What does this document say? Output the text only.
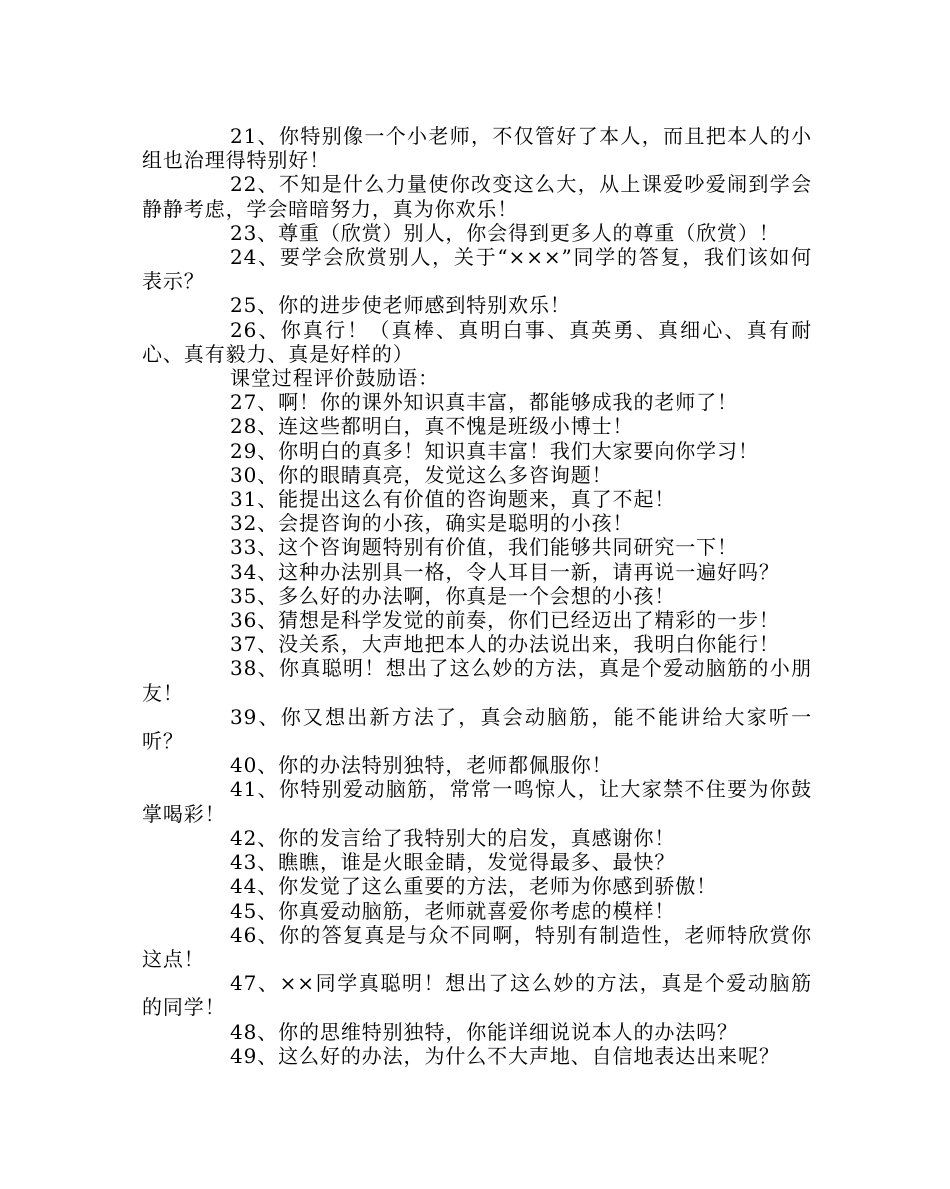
21、你特别像一个小老师，不仅管好了本人，而且把本人的小组也治理得特别好！

22、不知是什么力量使你改变这么大，从上课爱吵爱闹到学会静静考虑，学会暗暗努力，真为你欢乐！

23、尊重（欣赏）别人，你会得到更多人的尊重（欣赏）！

24、要学会欣赏别人，关于“×××”同学的答复，我们该如何表示？

25、你的进步使老师感到特别欢乐！

26、你真行！（真棒、真明白事、真英勇、真细心、真有耐心、真有毅力、真是好样的）

课堂过程评价鼓励语：

27、啊！你的课外知识真丰富，都能够成我的老师了！

28、连这些都明白，真不愧是班级小博士！

29、你明白的真多！知识真丰富！我们大家要向你学习！

30、你的眼睛真亮，发觉这么多咨询题！

31、能提出这么有价值的咨询题来，真了不起！

32、会提咨询的小孩，确实是聪明的小孩！

33、这个咨询题特别有价值，我们能够共同研究一下！

34、这种办法别具一格，令人耳目一新，请再说一遍好吗？

35、多么好的办法啊，你真是一个会想的小孩！

36、猜想是科学发觉的前奏，你们已经迈出了精彩的一步！

37、没关系，大声地把本人的办法说出来，我明白你能行！

38、你真聪明！想出了这么妙的方法，真是个爱动脑筋的小朋友！

39、你又想出新方法了，真会动脑筋，能不能讲给大家听一听？

40、你的办法特别独特，老师都佩服你！

41、你特别爱动脑筋，常常一鸣惊人，让大家禁不住要为你鼓掌喝彩！

42、你的发言给了我特别大的启发，真感谢你！

43、瞧瞧，谁是火眼金睛，发觉得最多、最快？

44、你发觉了这么重要的方法，老师为你感到骄傲！

45、你真爱动脑筋，老师就喜爱你考虑的模样！

46、你的答复真是与众不同啊，特别有制造性，老师特欣赏你这点！

47、××同学真聪明！想出了这么妙的方法，真是个爱动脑筋的同学！

48、你的思维特别独特，你能详细说说本人的办法吗？

49、这么好的办法，为什么不大声地、自信地表达出来呢？
